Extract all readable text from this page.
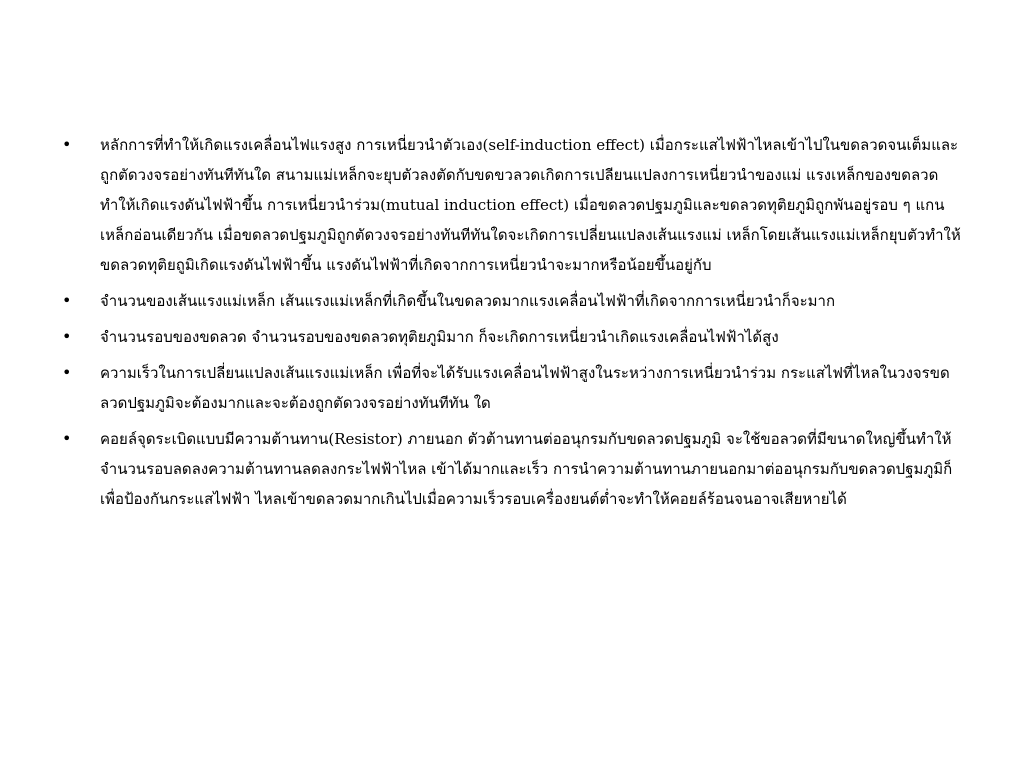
•	หลักการที่ทำให้เกิดแรงเคลื่อนไฟแรงสูง การเหนี่ยวนำตัวเอง(self-induction effect) เมื่อกระแสไฟฟ้าไหลเข้าไปในขดลวดจนเต็มและถูกตัดวงจรอย่างทันทีทันใด สนามแม่เหล็กจะยุบตัวลงตัดกับขดขวลวดเกิดการเปลียนแปลงการเหนี่ยวนำของแม่ แรงเหล็กของขดลวดทำให้เกิดแรงดันไฟฟ้าขึ้น การเหนี่ยวนำร่วม(mutual induction effect) เมื่อขดลวดปฐมภูมิและขดลวดทุติยภูมิถูกพันอยู่รอบ ๆ แกนเหล็กอ่อนเดียวกัน เมื่อขดลวดปฐมภูมิถูกตัดวงจรอย่างทันทีทันใดจะเกิดการเปลี่ยนแปลงเส้นแรงแม่ เหล็กโดยเส้นแรงแม่เหล็กยุบตัวทำให้ขดลวดทุติยถูมิเกิดแรงดันไฟฟ้าขึ้น แรงดันไฟฟ้าที่เกิดจากการเหนี่ยวนำจะมากหรือน้อยขึ้นอยู่กับ
•	จำนวนของเส้นแรงแม่เหล็ก เส้นแรงแม่เหล็กที่เกิดขึ้นในขดลวดมากแรงเคลื่อนไฟฟ้าที่เกิดจากการเหนี่ยวนำก็จะมาก
•	จำนวนรอบของขดลวด จำนวนรอบของขดลวดทุติยภูมิมาก ก็จะเกิดการเหนี่ยวนำเกิดแรงเคลื่อนไฟฟ้าได้สูง
•	ความเร็วในการเปลี่ยนแปลงเส้นแรงแม่เหล็ก เพื่อที่จะได้รับแรงเคลื่อนไฟฟ้าสูงในระหว่างการเหนี่ยวนำร่วม กระแสไฟที่ไหลในวงจรขดลวดปฐมภูมิจะต้องมากและจะต้องถูกตัดวงจรอย่างทันทีทัน ใด
•	คอยล์จุดระเบิดแบบมีความต้านทาน(Resistor) ภายนอก ตัวต้านทานต่ออนุกรมกับขดลวดปฐมภูมิ จะใช้ขอลวดที่มีขนาดใหญ่ขึ้นทำให้จำนวนรอบลดลงความต้านทานลดลงกระไฟฟ้าไหล เข้าได้มากและเร็ว การนำความต้านทานภายนอกมาต่ออนุกรมกับขดลวดปฐมภูมิก็เพื่อป้องกันกระแสไฟฟ้า ไหลเข้าขดลวดมากเกินไปเมื่อความเร็วรอบเครื่องยนต์ต่ำจะทำให้คอยล์ร้อนจนอาจเสียหายได้
